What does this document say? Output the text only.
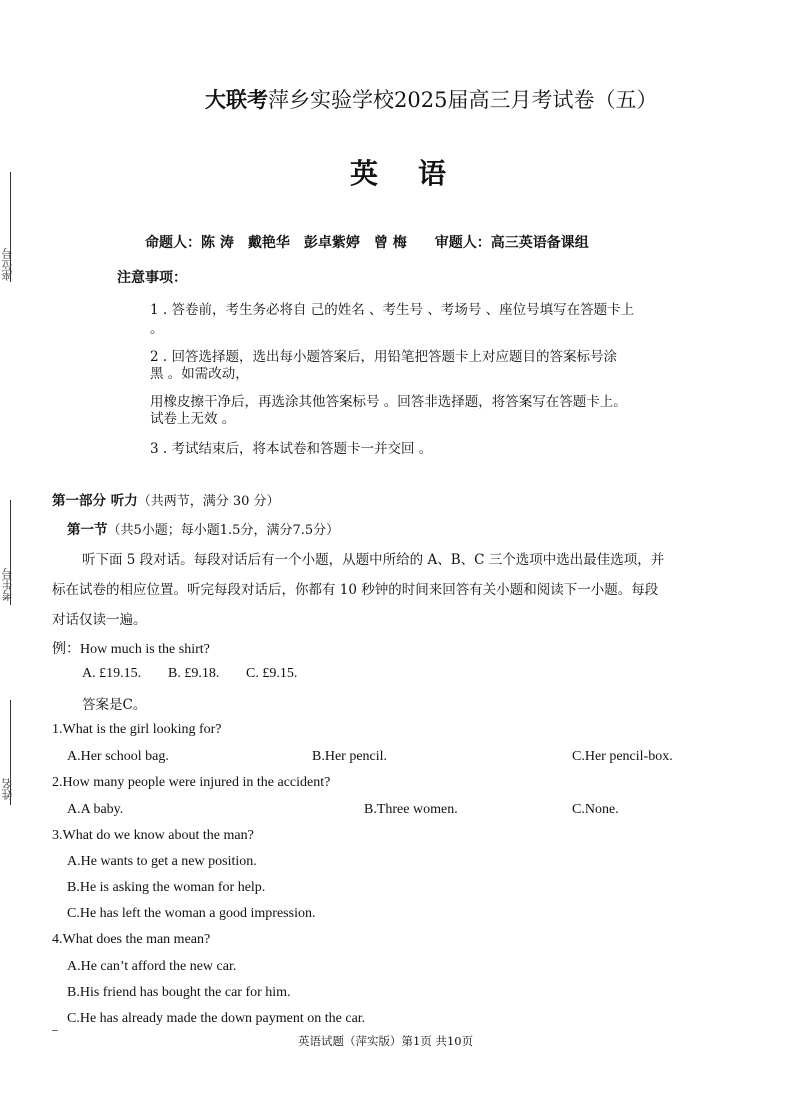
座位号
考生号
姓名
大联考萍乡实验学校2025届高三月考试卷（五）
英 语
命题人：陈 涛　戴艳华　彭卓紫婷　曾 梅 审题人：高三英语备课组
注意事项：
1 . 答卷前，考生务必将自 己的姓名 、考生号 、考场号 、座位号填写在答题卡上
。
2 . 回答选择题，选出每小题答案后，用铅笔把答题卡上对应题目的答案标号涂
黑 。如需改动，
用橡皮擦干净后，再选涂其他答案标号 。回答非选择题，将答案写在答题卡上。
试卷上无效 。
3 . 考试结束后，将本试卷和答题卡一并交回 。
第一部分 听力（共两节，满分 30 分）
第一节（共5小题；每小题1.5分，满分7.5分）
听下面 5 段对话。每段对话后有一个小题，从题中所给的 A、B、C 三个选项中选出最佳选项，并
标在试卷的相应位置。听完每段对话后，你都有 10 秒钟的时间来回答有关小题和阅读下一小题。每段
对话仅读一遍。
例：How much is the shirt?
A. £19.15. B. £9.18. C. £9.15.
答案是C。
1.What is the girl looking for?
A.Her school bag.	B.Her pencil.	C.Her pencil-box.
2.How many people were injured in the accident?
A.A baby.	B.Three women.	C.None.
3.What do we know about the man?
A.He wants to get a new position.
B.He is asking the woman for help.
C.He has left the woman a good impression.
4.What does the man mean?
A.He can’t afford the new car.
B.His friend has bought the car for him.
C.He has already made the down payment on the car.
英语试题（萍实版）第1页 共10页
